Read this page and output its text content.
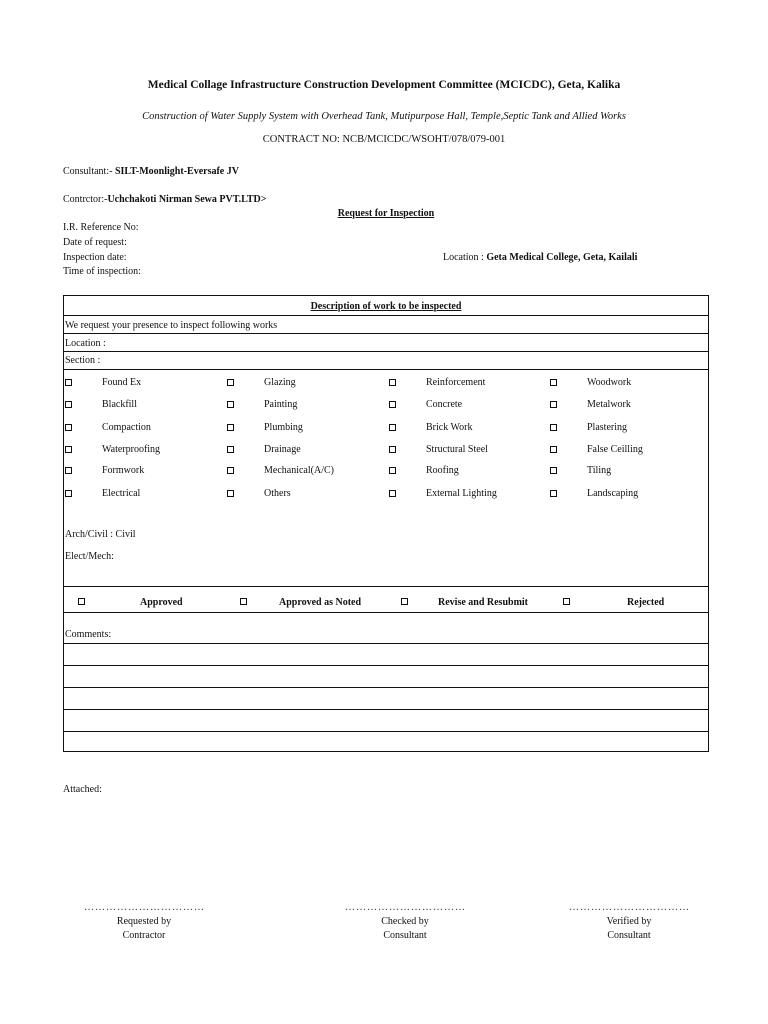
Medical Collage Infrastructure Construction Development Committee (MCICDC), Geta, Kalika
Construction of Water Supply System with Overhead Tank, Mutipurpose Hall, Temple,Septic Tank and Allied Works
CONTRACT NO: NCB/MCICDC/WSOHT/078/079-001
Consultant:- SILT-Moonlight-Eversafe JV
Contrctor:-Uchchakoti Nirman Sewa PVT.LTD>
Request for Inspection
I.R. Reference No:
Date of request:
Inspection date:
Time of inspection:
Location : Geta Medical College, Geta, Kailali
Description of work to be inspected
We request your presence to inspect following works
Location :
Section :
Found Ex	Glazing	Reinforcement	Woodwork
Blackfill	Painting	Concrete	Metalwork
Compaction	Plumbing	Brick Work	Plastering
Waterproofing	Drainage	Structural Steel	False Ceilling
Formwork	Mechanical(A/C)	Roofing	Tiling
Electrical	Others	External Lighting	Landscaping
Arch/Civil : Civil
Elect/Mech:
Approved	Approved as Noted	Revise and Resubmit	Rejected
Comments:
Attached:
……………………………
Requested by
Contractor
……………………………
Checked by
Consultant
……………………………
Verified by
Consultant
